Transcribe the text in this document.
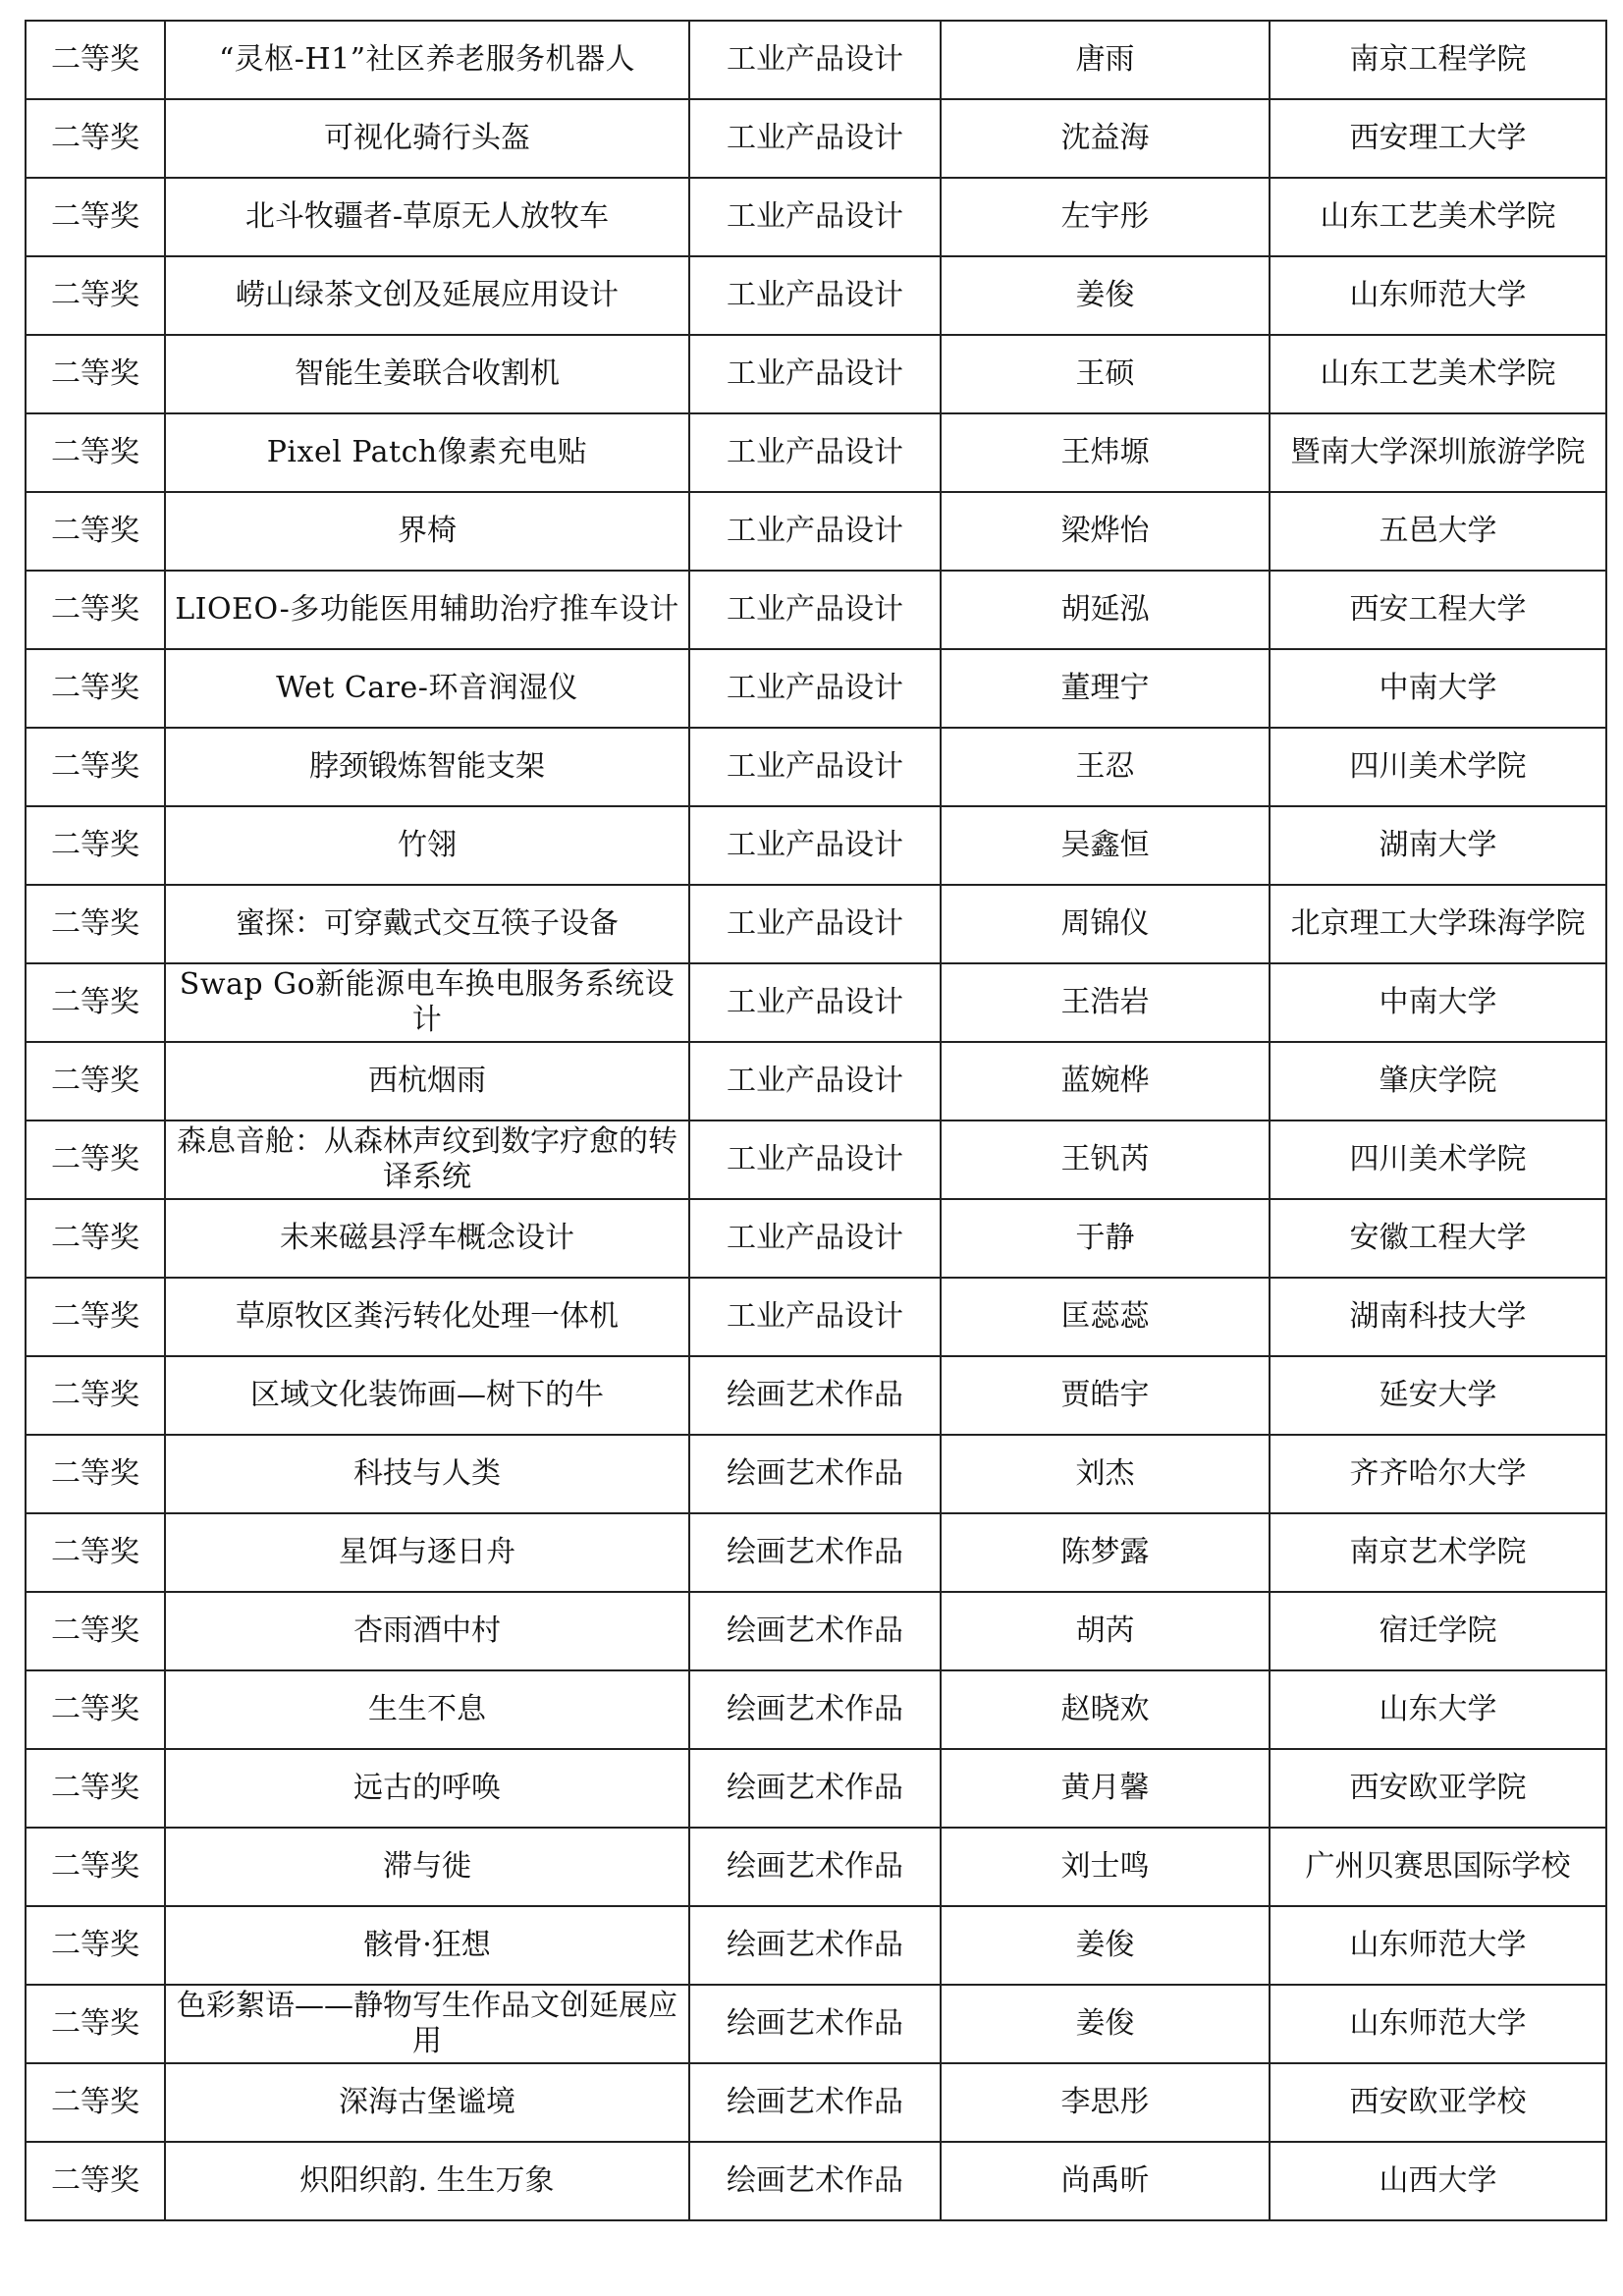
二等奖	“灵枢-H1”社区养老服务机器人	工业产品设计	唐雨	南京工程学院
二等奖	可视化骑行头盔	工业产品设计	沈益海	西安理工大学
二等奖	北斗牧疆者-草原无人放牧车	工业产品设计	左宇彤	山东工艺美术学院
二等奖	崂山绿茶文创及延展应用设计	工业产品设计	姜俊	山东师范大学
二等奖	智能生姜联合收割机	工业产品设计	王硕	山东工艺美术学院
二等奖	Pixel Patch像素充电贴	工业产品设计	王炜塬	暨南大学深圳旅游学院
二等奖	界椅	工业产品设计	梁烨怡	五邑大学
二等奖	LIOEO-多功能医用辅助治疗推车设计	工业产品设计	胡延泓	西安工程大学
二等奖	Wet Care-环音润湿仪	工业产品设计	董理宁	中南大学
二等奖	脖颈锻炼智能支架	工业产品设计	王忍	四川美术学院
二等奖	竹翎	工业产品设计	吴鑫恒	湖南大学
二等奖	蜜探：可穿戴式交互筷子设备	工业产品设计	周锦仪	北京理工大学珠海学院
二等奖	Swap Go新能源电车换电服务系统设计	工业产品设计	王浩岩	中南大学
二等奖	西杭烟雨	工业产品设计	蓝婉桦	肇庆学院
二等奖	森息音舱：从森林声纹到数字疗愈的转译系统	工业产品设计	王钒芮	四川美术学院
二等奖	未来磁县浮车概念设计	工业产品设计	于静	安徽工程大学
二等奖	草原牧区粪污转化处理一体机	工业产品设计	匡蕊蕊	湖南科技大学
二等奖	区域文化装饰画—树下的牛	绘画艺术作品	贾皓宇	延安大学
二等奖	科技与人类	绘画艺术作品	刘杰	齐齐哈尔大学
二等奖	星饵与逐日舟	绘画艺术作品	陈梦露	南京艺术学院
二等奖	杏雨酒中村	绘画艺术作品	胡芮	宿迁学院
二等奖	生生不息	绘画艺术作品	赵晓欢	山东大学
二等奖	远古的呼唤	绘画艺术作品	黄月馨	西安欧亚学院
二等奖	滞与徙	绘画艺术作品	刘士鸣	广州贝赛思国际学校
二等奖	骸骨·狂想	绘画艺术作品	姜俊	山东师范大学
二等奖	色彩絮语——静物写生作品文创延展应用	绘画艺术作品	姜俊	山东师范大学
二等奖	深海古堡谧境	绘画艺术作品	李思彤	西安欧亚学校
二等奖	炽阳织韵. 生生万象	绘画艺术作品	尚禹昕	山西大学
